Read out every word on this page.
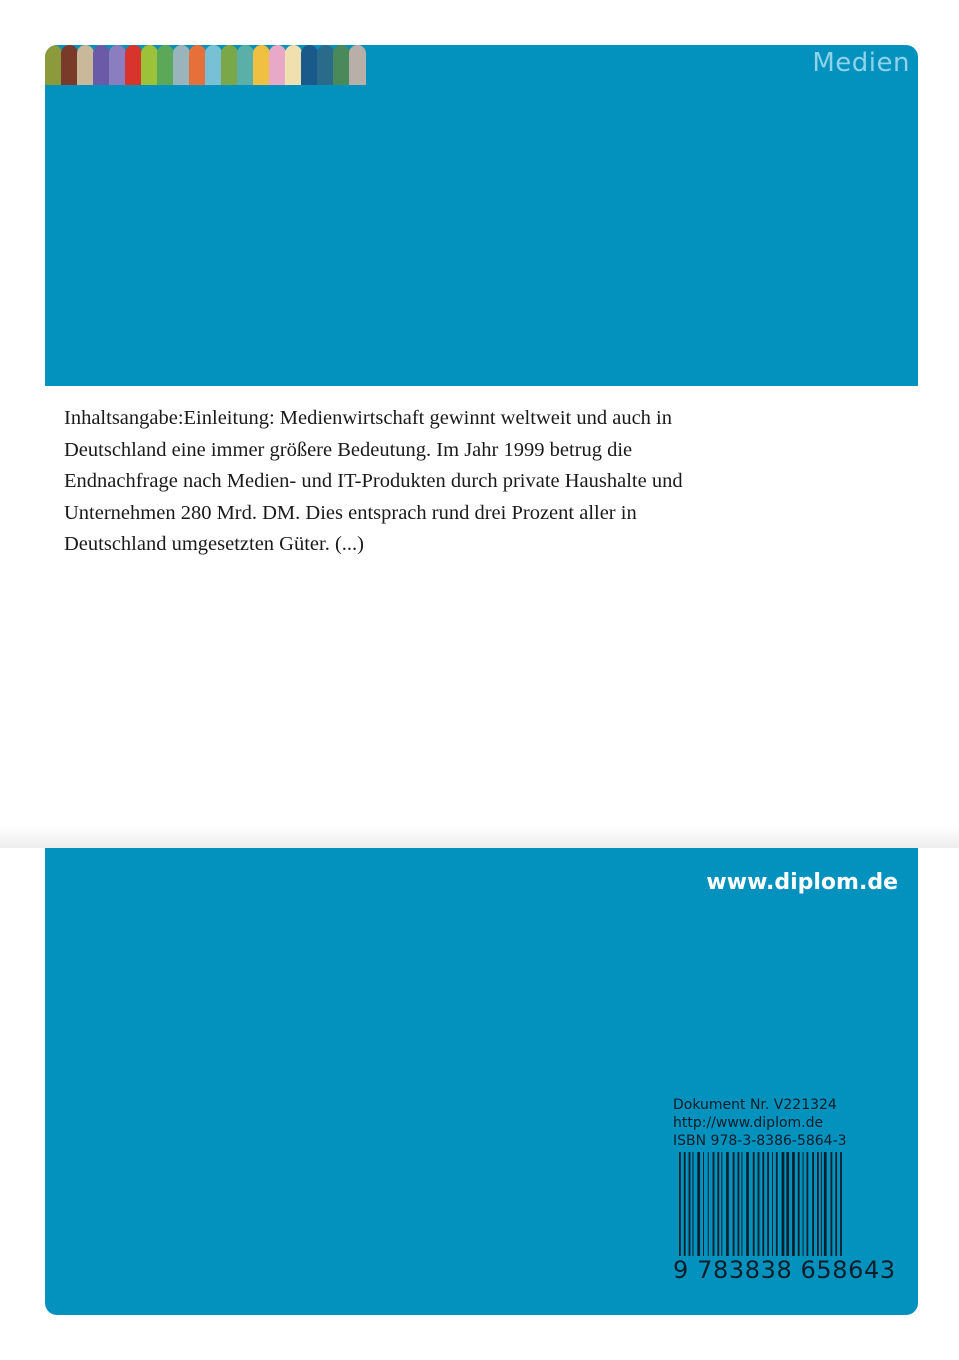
Medien

Inhaltsangabe:Einleitung: Medienwirtschaft gewinnt weltweit und auch in

Deutschland eine immer größere Bedeutung. Im Jahr 1999 betrug die

Endnachfrage nach Medien- und IT-Produkten durch private Haushalte und

Unternehmen 280 Mrd. DM. Dies entsprach rund drei Prozent aller in

Deutschland umgesetzten Güter. (...)

www.diplom.de
Dokument Nr. V221324
http://www.diplom.de
ISBN 978-3-8386-5864-3
9 783838 658643
